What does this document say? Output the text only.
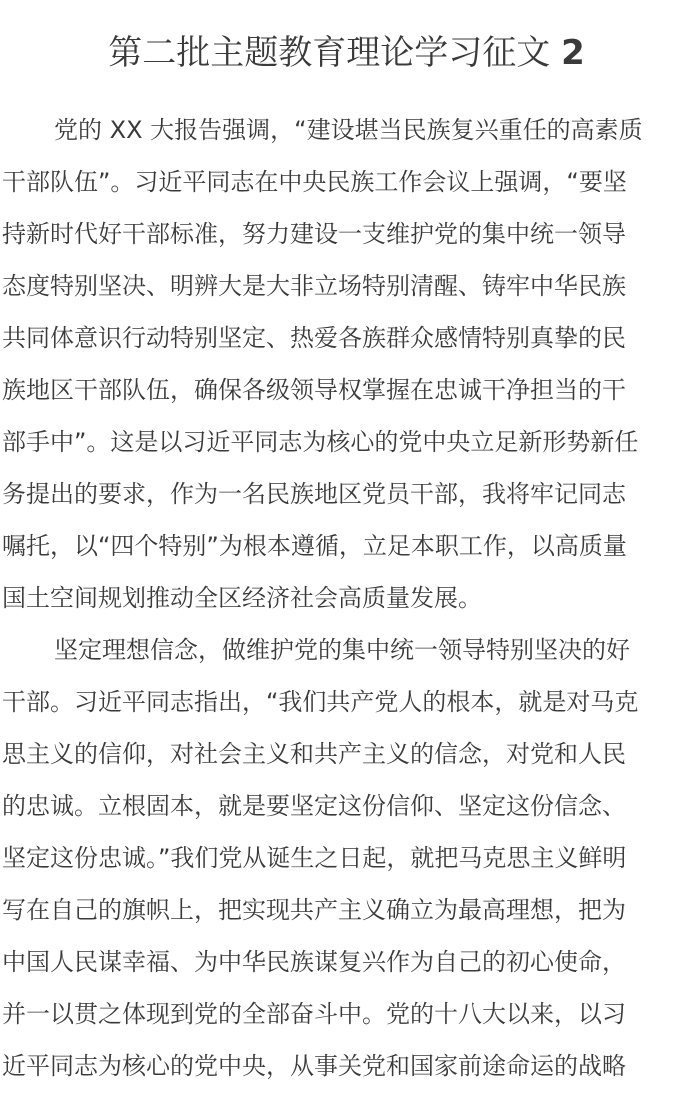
第二批主题教育理论学习征文 2
党的 XX 大报告强调，“建设堪当民族复兴重任的高素质
干部队伍”。习近平同志在中央民族工作会议上强调，“要坚
持新时代好干部标准，努力建设一支维护党的集中统一领导
态度特别坚决、明辨大是大非立场特别清醒、铸牢中华民族
共同体意识行动特别坚定、热爱各族群众感情特别真挚的民
族地区干部队伍，确保各级领导权掌握在忠诚干净担当的干
部手中”。这是以习近平同志为核心的党中央立足新形势新任
务提出的要求，作为一名民族地区党员干部，我将牢记同志
嘱托，以“四个特别”为根本遵循，立足本职工作，以高质量
国土空间规划推动全区经济社会高质量发展。
坚定理想信念，做维护党的集中统一领导特别坚决的好
干部。习近平同志指出，“我们共产党人的根本，就是对马克
思主义的信仰，对社会主义和共产主义的信念，对党和人民
的忠诚。立根固本，就是要坚定这份信仰、坚定这份信念、
坚定这份忠诚。”我们党从诞生之日起，就把马克思主义鲜明
写在自己的旗帜上，把实现共产主义确立为最高理想，把为
中国人民谋幸福、为中华民族谋复兴作为自己的初心使命，
并一以贯之体现到党的全部奋斗中。党的十八大以来，以习
近平同志为核心的党中央，从事关党和国家前途命运的战略
